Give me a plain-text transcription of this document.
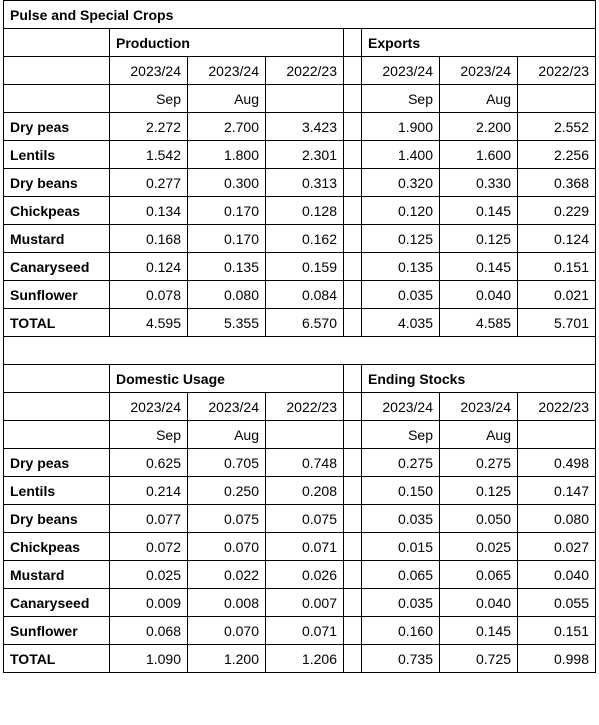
Pulse and Special Crops							
	Production				Exports		
	2023/24	2023/24	2022/23		2023/24	2023/24	2022/23
	Sep	Aug			Sep	Aug	
Dry peas	2.272	2.700	3.423		1.900	2.200	2.552
Lentils	1.542	1.800	2.301		1.400	1.600	2.256
Dry beans	0.277	0.300	0.313		0.320	0.330	0.368
Chickpeas	0.134	0.170	0.128		0.120	0.145	0.229
Mustard	0.168	0.170	0.162		0.125	0.125	0.124
Canaryseed	0.124	0.135	0.159		0.135	0.145	0.151
Sunflower	0.078	0.080	0.084		0.035	0.040	0.021
TOTAL	4.595	5.355	6.570		4.035	4.585	5.701

	Domestic Usage				Ending Stocks		
	2023/24	2023/24	2022/23		2023/24	2023/24	2022/23
	Sep	Aug			Sep	Aug	
Dry peas	0.625	0.705	0.748		0.275	0.275	0.498
Lentils	0.214	0.250	0.208		0.150	0.125	0.147
Dry beans	0.077	0.075	0.075		0.035	0.050	0.080
Chickpeas	0.072	0.070	0.071		0.015	0.025	0.027
Mustard	0.025	0.022	0.026		0.065	0.065	0.040
Canaryseed	0.009	0.008	0.007		0.035	0.040	0.055
Sunflower	0.068	0.070	0.071		0.160	0.145	0.151
TOTAL	1.090	1.200	1.206		0.735	0.725	0.998
